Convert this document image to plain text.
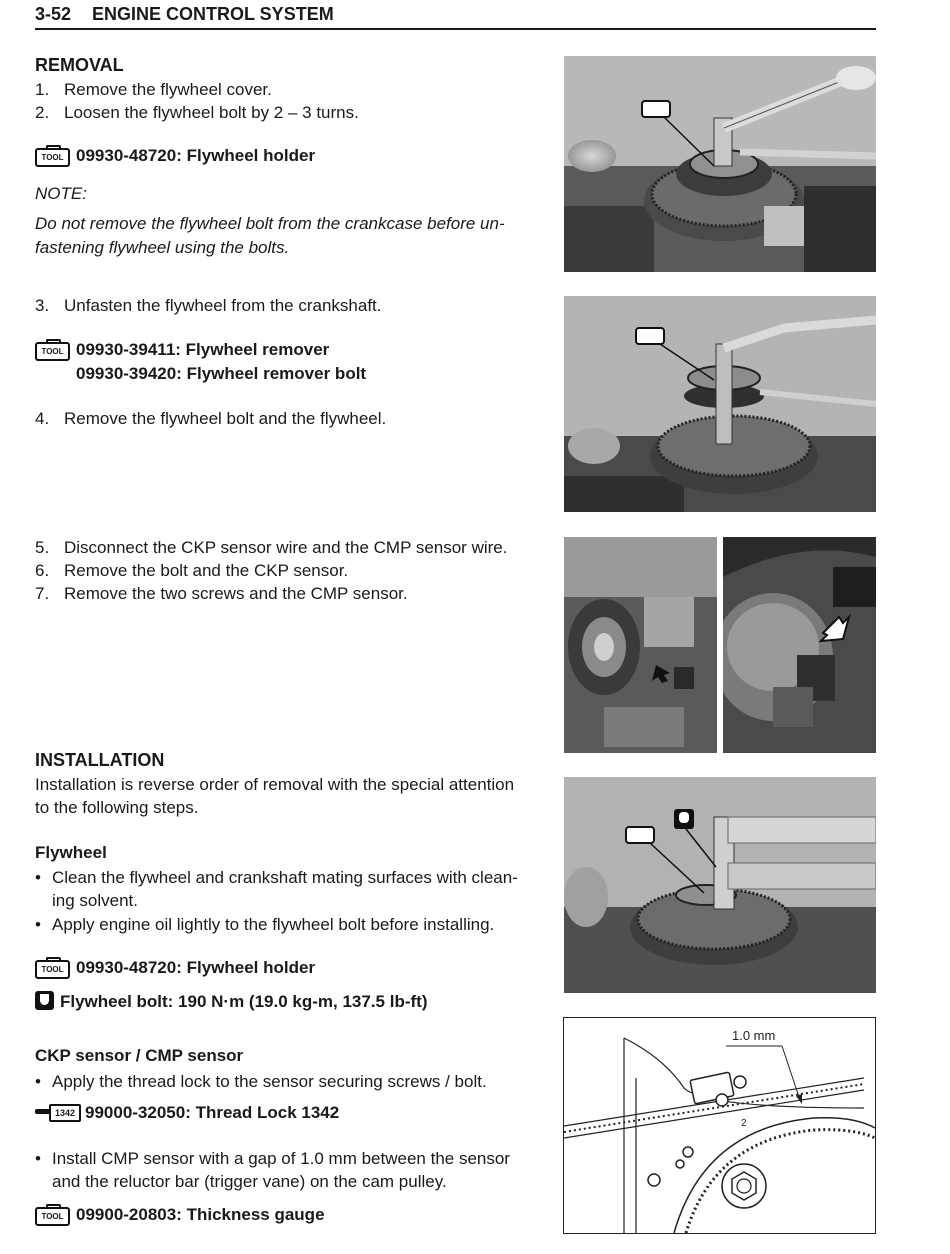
3-52 ENGINE CONTROL SYSTEM
REMOVAL
1. Remove the flywheel cover.
2. Loosen the flywheel bolt by 2 – 3 turns.
TOOL 09930-48720: Flywheel holder
NOTE:
Do not remove the flywheel bolt from the crankcase before un-
fastening flywheel using the bolts.
3. Unfasten the flywheel from the crankshaft.
TOOL 09930-39411: Flywheel remover
09930-39420: Flywheel remover bolt
4. Remove the flywheel bolt and the flywheel.
5. Disconnect the CKP sensor wire and the CMP sensor wire.
6. Remove the bolt and the CKP sensor.
7. Remove the two screws and the CMP sensor.
INSTALLATION
Installation is reverse order of removal with the special attention
to the following steps.
Flywheel
• Clean the flywheel and crankshaft mating surfaces with clean-
ing solvent.
• Apply engine oil lightly to the flywheel bolt before installing.
TOOL 09930-48720: Flywheel holder
Flywheel bolt: 190 N·m (19.0 kg-m, 137.5 lb-ft)
CKP sensor / CMP sensor
• Apply the thread lock to the sensor securing screws / bolt.
1342 99000-32050: Thread Lock 1342
• Install CMP sensor with a gap of 1.0 mm between the sensor
and the reluctor bar (trigger vane) on the cam pulley.
TOOL 09900-20803: Thickness gauge
1.0 mm
2
